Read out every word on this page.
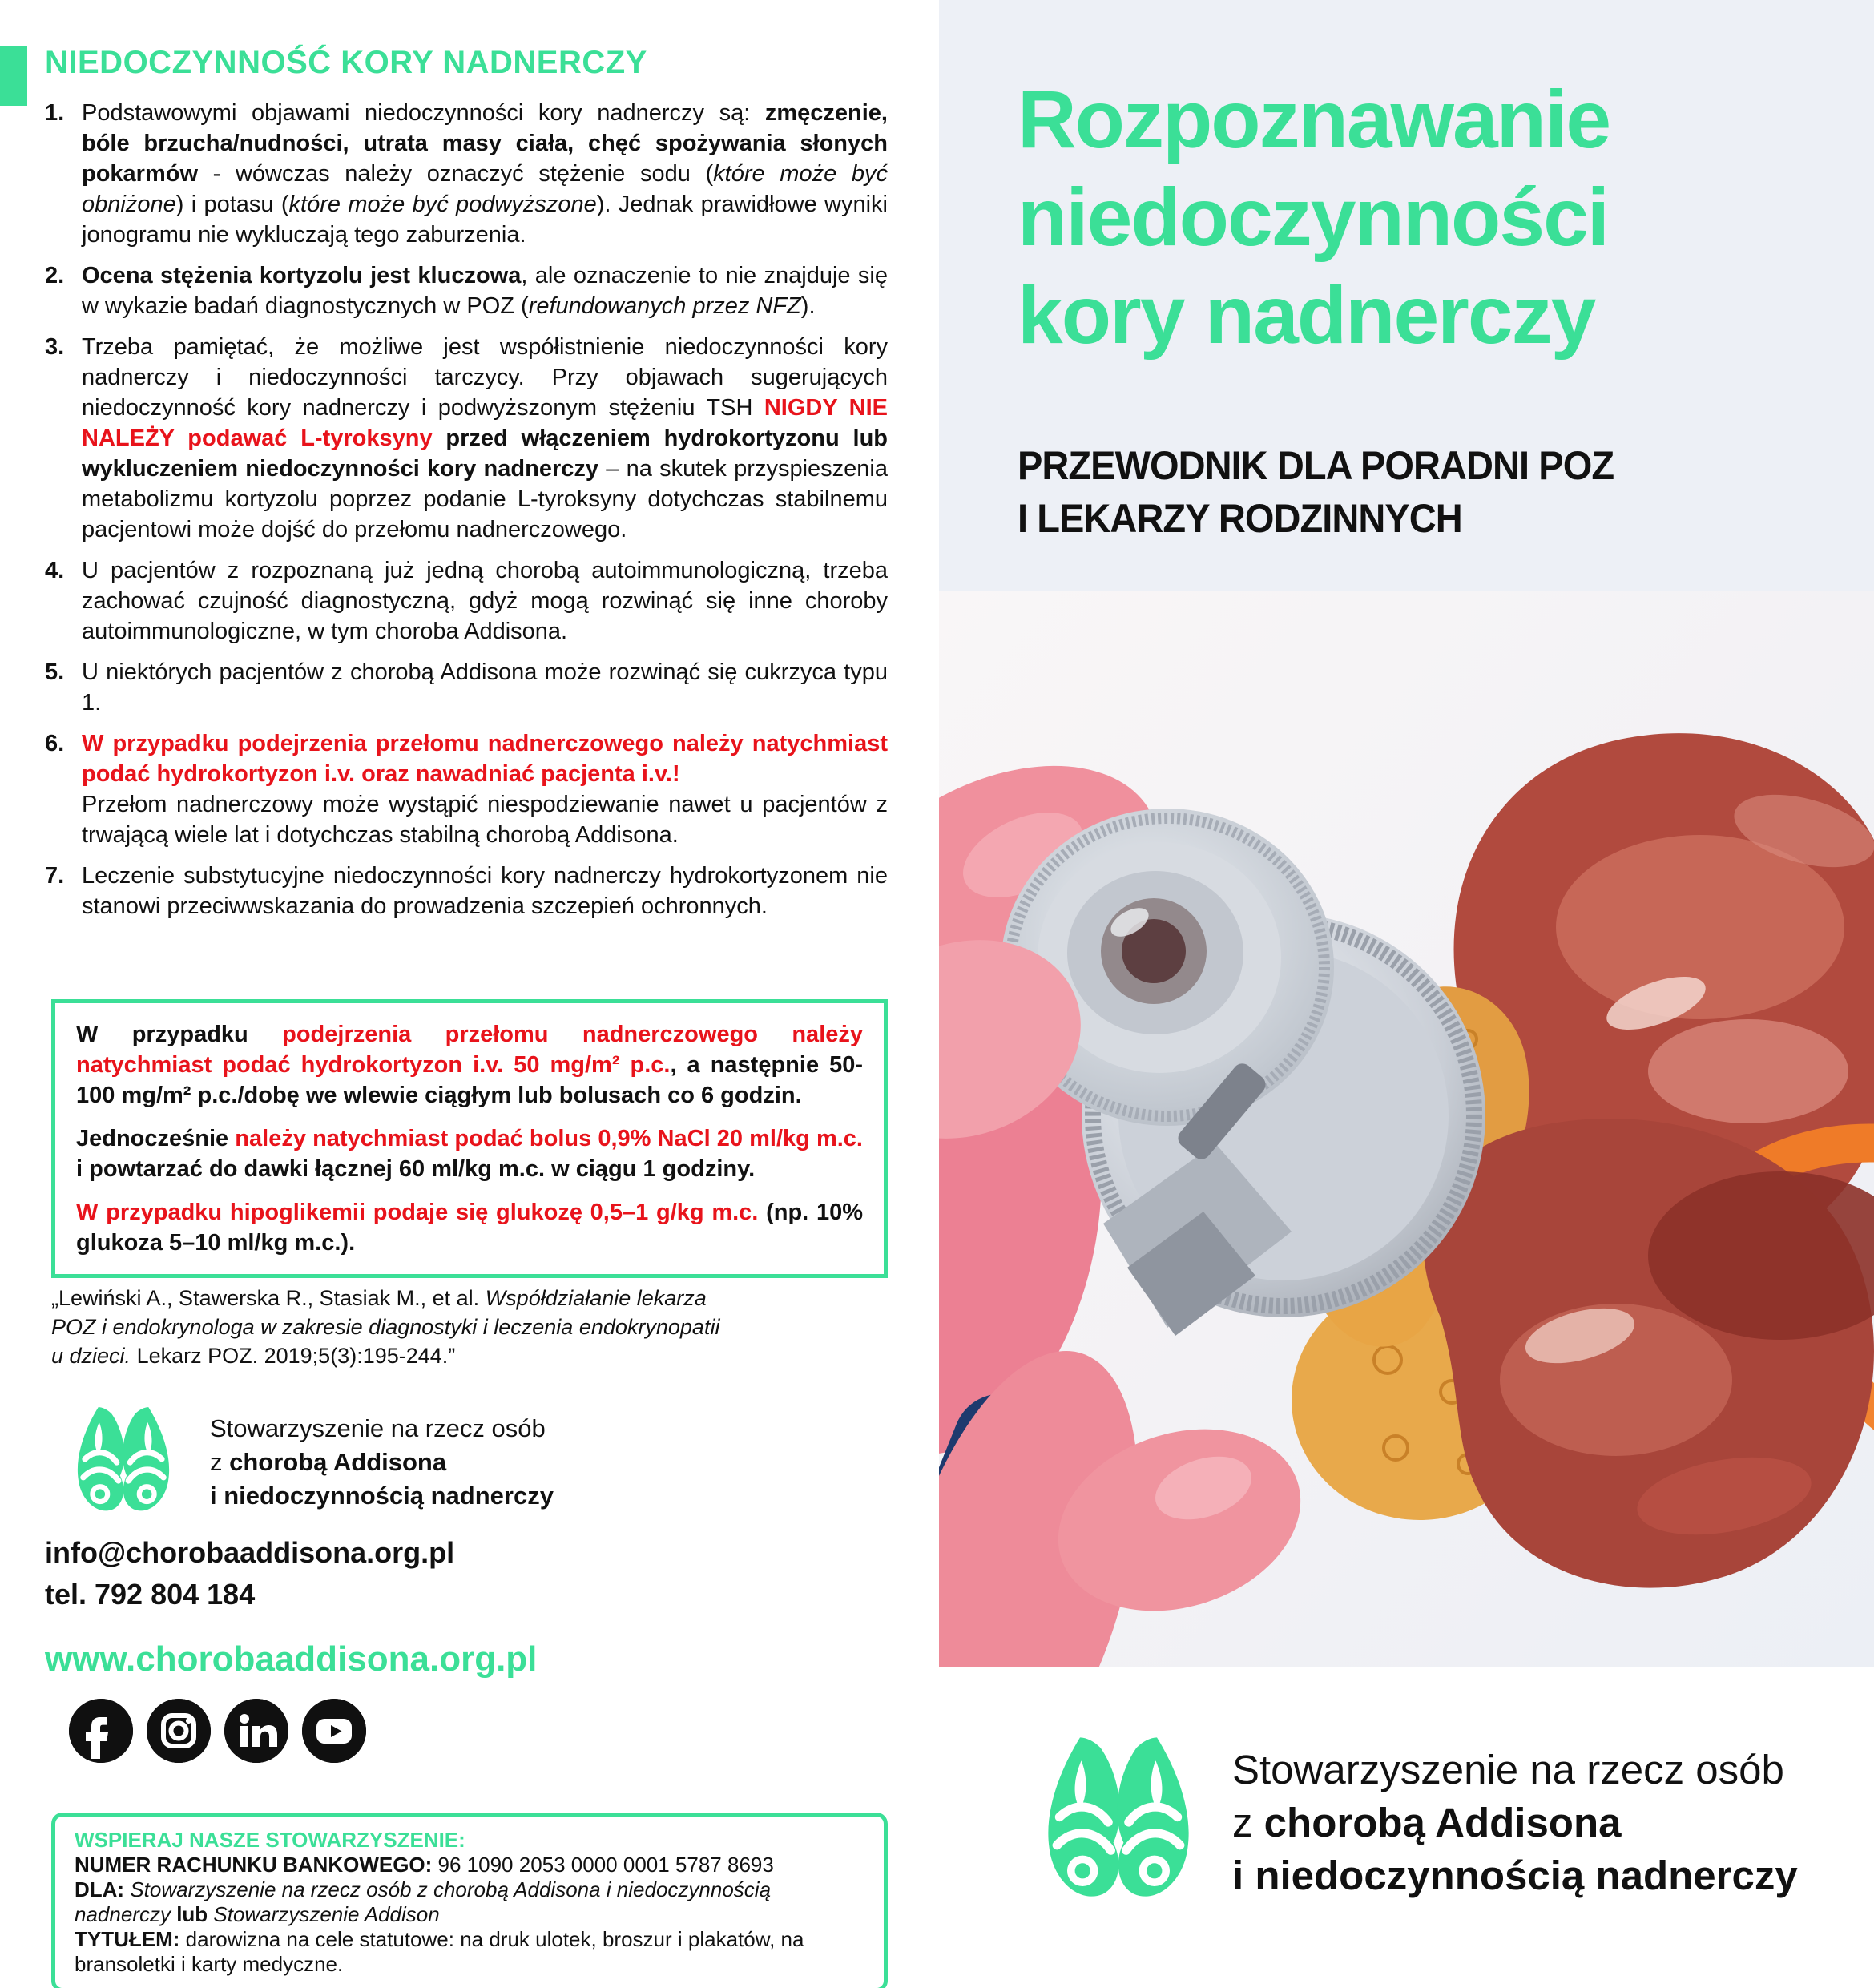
NIEDOCZYNNOŚĆ KORY NADNERCZY
1. Podstawowymi objawami niedoczynności kory nadnerczy są: zmęczenie, bóle brzucha/nudności, utrata masy ciała, chęć spożywania słonych pokarmów - wówczas należy oznaczyć stężenie sodu (które może być obniżone) i potasu (które może być podwyższone). Jednak prawidłowe wyniki jonogramu nie wykluczają tego zaburzenia.
2. Ocena stężenia kortyzolu jest kluczowa, ale oznaczenie to nie znajduje się w wykazie badań diagnostycznych w POZ (refundowanych przez NFZ).
3. Trzeba pamiętać, że możliwe jest współistnienie niedoczynności kory nadnerczy i niedoczynności tarczycy. Przy objawach sugerujących niedoczynność kory nadnerczy i podwyższonym stężeniu TSH NIGDY NIE NALEŻY podawać L-tyroksyny przed włączeniem hydrokortyzonu lub wykluczeniem niedoczynności kory nadnerczy – na skutek przyspieszenia metabolizmu kortyzolu poprzez podanie L-tyroksyny dotychczas stabilnemu pacjentowi może dojść do przełomu nadnerczowego.
4. U pacjentów z rozpoznaną już jedną chorobą autoimmunologiczną, trzeba zachować czujność diagnostyczną, gdyż mogą rozwinąć się inne choroby autoimmunologiczne, w tym choroba Addisona.
5. U niektórych pacjentów z chorobą Addisona może rozwinąć się cukrzyca typu 1.
6. W przypadku podejrzenia przełomu nadnerczowego należy natychmiast podać hydrokortyzon i.v. oraz nawadniać pacjenta i.v.!
Przełom nadnerczowy może wystąpić niespodziewanie nawet u pacjentów z trwającą wiele lat i dotychczas stabilną chorobą Addisona.
7. Leczenie substytucyjne niedoczynności kory nadnerczy hydrokortyzonem nie stanowi przeciwwskazania do prowadzenia szczepień ochronnych.

W przypadku podejrzenia przełomu nadnerczowego należy natychmiast podać hydrokortyzon i.v. 50 mg/m² p.c., a następnie 50-100 mg/m² p.c./dobę we wlewie ciągłym lub bolusach co 6 godzin.

Jednocześnie należy natychmiast podać bolus 0,9% NaCl 20 ml/kg m.c. i powtarzać do dawki łącznej 60 ml/kg m.c. w ciągu 1 godziny.

W przypadku hipoglikemii podaje się glukozę 0,5–1 g/kg m.c. (np. 10% glukoza 5–10 ml/kg m.c.).

„Lewiński A., Stawerska R., Stasiak M., et al. Współdziałanie lekarza POZ i endokrynologa w zakresie diagnostyki i leczenia endokrynopatii u dzieci. Lekarz POZ. 2019;5(3):195-244.”
Stowarzyszenie na rzecz osób
z chorobą Addisona
i niedoczynnością nadnerczy
info@chorobaaddisona.org.pl
tel. 792 804 184
www.chorobaaddisona.org.pl
WSPIERAJ NASZE STOWARZYSZENIE:
NUMER RACHUNKU BANKOWEGO: 96 1090 2053 0000 0001 5787 8693
DLA: Stowarzyszenie na rzecz osób z chorobą Addisona i niedoczynnością nadnerczy lub Stowarzyszenie Addison
TYTUŁEM: darowizna na cele statutowe: na druk ulotek, broszur i plakatów, na bransoletki i karty medyczne.
Rozpoznawanie
niedoczynności
kory nadnerczy
PRZEWODNIK DLA PORADNI POZ
I LEKARZY RODZINNYCH
Stowarzyszenie na rzecz osób
z chorobą Addisona
i niedoczynnością nadnerczy
